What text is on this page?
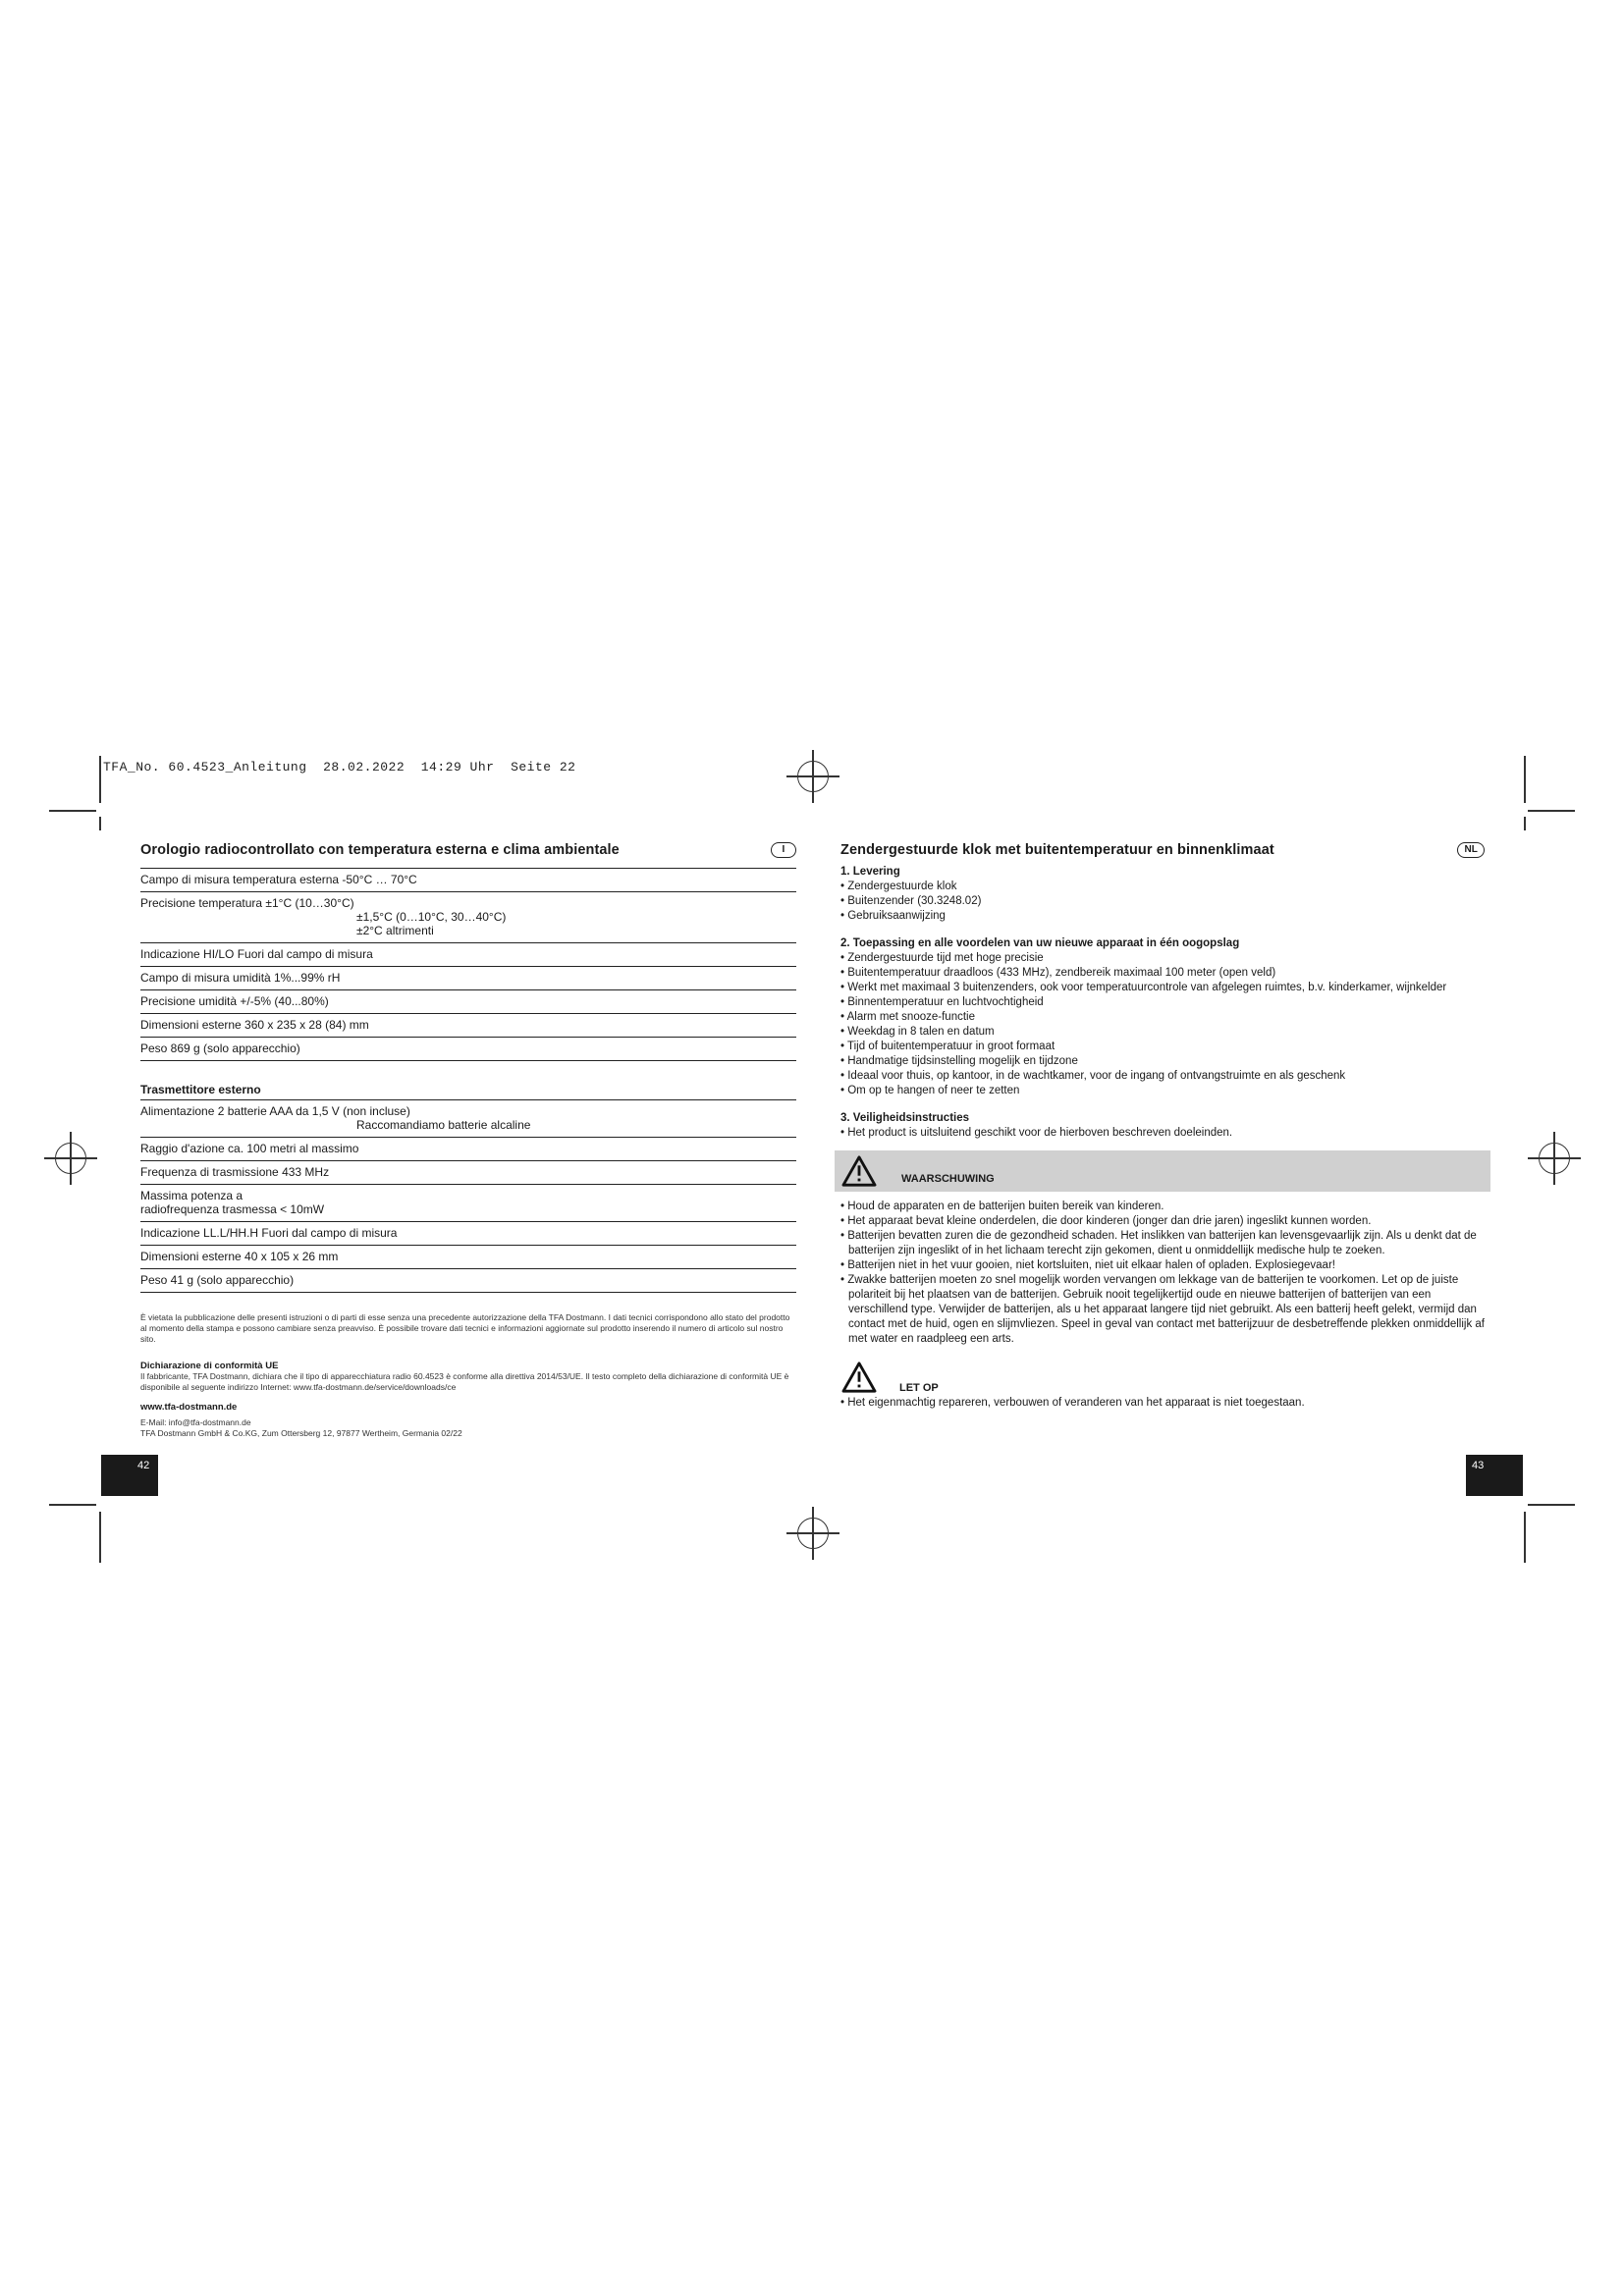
TFA_No. 60.4523_Anleitung  28.02.2022  14:29 Uhr  Seite 22
Orologio radiocontrollato con temperatura esterna e clima ambientale	I
Campo di misura temperatura esterna -50°C … 70°C
Precisione temperatura ±1°C (10…30°C)
±1,5°C (0…10°C, 30…40°C)
±2°C altrimenti
Indicazione HI/LO Fuori dal campo di misura
Campo di misura umidità 1%...99% rH
Precisione umidità +/-5% (40...80%)
Dimensioni esterne 360 x 235 x 28 (84) mm
Peso 869 g (solo apparecchio)
Trasmettitore esterno
Alimentazione 2 batterie AAA da 1,5 V (non incluse)
Raccomandiamo batterie alcaline
Raggio d'azione ca. 100 metri al massimo
Frequenza di trasmissione 433 MHz
Massima potenza a
radiofrequenza trasmessa < 10mW
Indicazione LL.L/HH.H Fuori dal campo di misura
Dimensioni esterne 40 x 105 x 26 mm
Peso 41 g (solo apparecchio)
È vietata la pubblicazione delle presenti istruzioni o di parti di esse senza una precedente autorizzazione della TFA Dostmann. I dati tecnici corrispondono allo stato del prodotto al momento della stampa e possono cambiare senza preavviso. È possibile trovare dati tecnici e informazioni aggiornate sul prodotto inserendo il numero di articolo sul nostro sito.
Dichiarazione di conformità UE
Il fabbricante, TFA Dostmann, dichiara che il tipo di apparecchiatura radio 60.4523 è conforme alla direttiva 2014/53/UE. Il testo completo della dichiarazione di conformità UE è disponibile al seguente indirizzo Internet: www.tfa-dostmann.de/service/downloads/ce
www.tfa-dostmann.de
E-Mail: info@tfa-dostmann.de
TFA Dostmann GmbH & Co.KG, Zum Ottersberg 12, 97877 Wertheim, Germania 02/22
42
Zendergestuurde klok met buitentemperatuur en binnenklimaat	NL
1. Levering
• Zendergestuurde klok
• Buitenzender (30.3248.02)
• Gebruiksaanwijzing
2. Toepassing en alle voordelen van uw nieuwe apparaat in één oogopslag
• Zendergestuurde tijd met hoge precisie
• Buitentemperatuur draadloos (433 MHz), zendbereik maximaal 100 meter (open veld)
• Werkt met maximaal 3 buitenzenders, ook voor temperatuurcontrole van afgelegen ruimtes, b.v. kinderkamer, wijnkelder
• Binnentemperatuur en luchtvochtigheid
• Alarm met snooze-functie
• Weekdag in 8 talen en datum
• Tijd of buitentemperatuur in groot formaat
• Handmatige tijdsinstelling mogelijk en tijdzone
• Ideaal voor thuis, op kantoor, in de wachtkamer, voor de ingang of ontvangstruimte en als geschenk
• Om op te hangen of neer te zetten
3. Veiligheidsinstructies
• Het product is uitsluitend geschikt voor de hierboven beschreven doeleinden.
WAARSCHUWING
• Houd de apparaten en de batterijen buiten bereik van kinderen.
• Het apparaat bevat kleine onderdelen, die door kinderen (jonger dan drie jaren) ingeslikt kunnen worden.
• Batterijen bevatten zuren die de gezondheid schaden. Het inslikken van batterijen kan levensgevaarlijk zijn. Als u denkt dat de batterijen zijn ingeslikt of in het lichaam terecht zijn gekomen, dient u onmiddellijk medische hulp te zoeken.
• Batterijen niet in het vuur gooien, niet kortsluiten, niet uit elkaar halen of opladen. Explosiegevaar!
• Zwakke batterijen moeten zo snel mogelijk worden vervangen om lekkage van de batterijen te voorkomen. Let op de juiste polariteit bij het plaatsen van de batterijen. Gebruik nooit tegelijkertijd oude en nieuwe batterijen of batterijen van een verschillend type. Verwijder de batterijen, als u het apparaat langere tijd niet gebruikt. Als een batterij heeft gelekt, vermijd dan contact met de huid, ogen en slijmvliezen. Speel in geval van contact met batterijzuur de desbetreffende plekken onmiddellijk af met water en raadpleeg een arts.
LET OP
• Het eigenmachtig repareren, verbouwen of veranderen van het apparaat is niet toegestaan.
43
